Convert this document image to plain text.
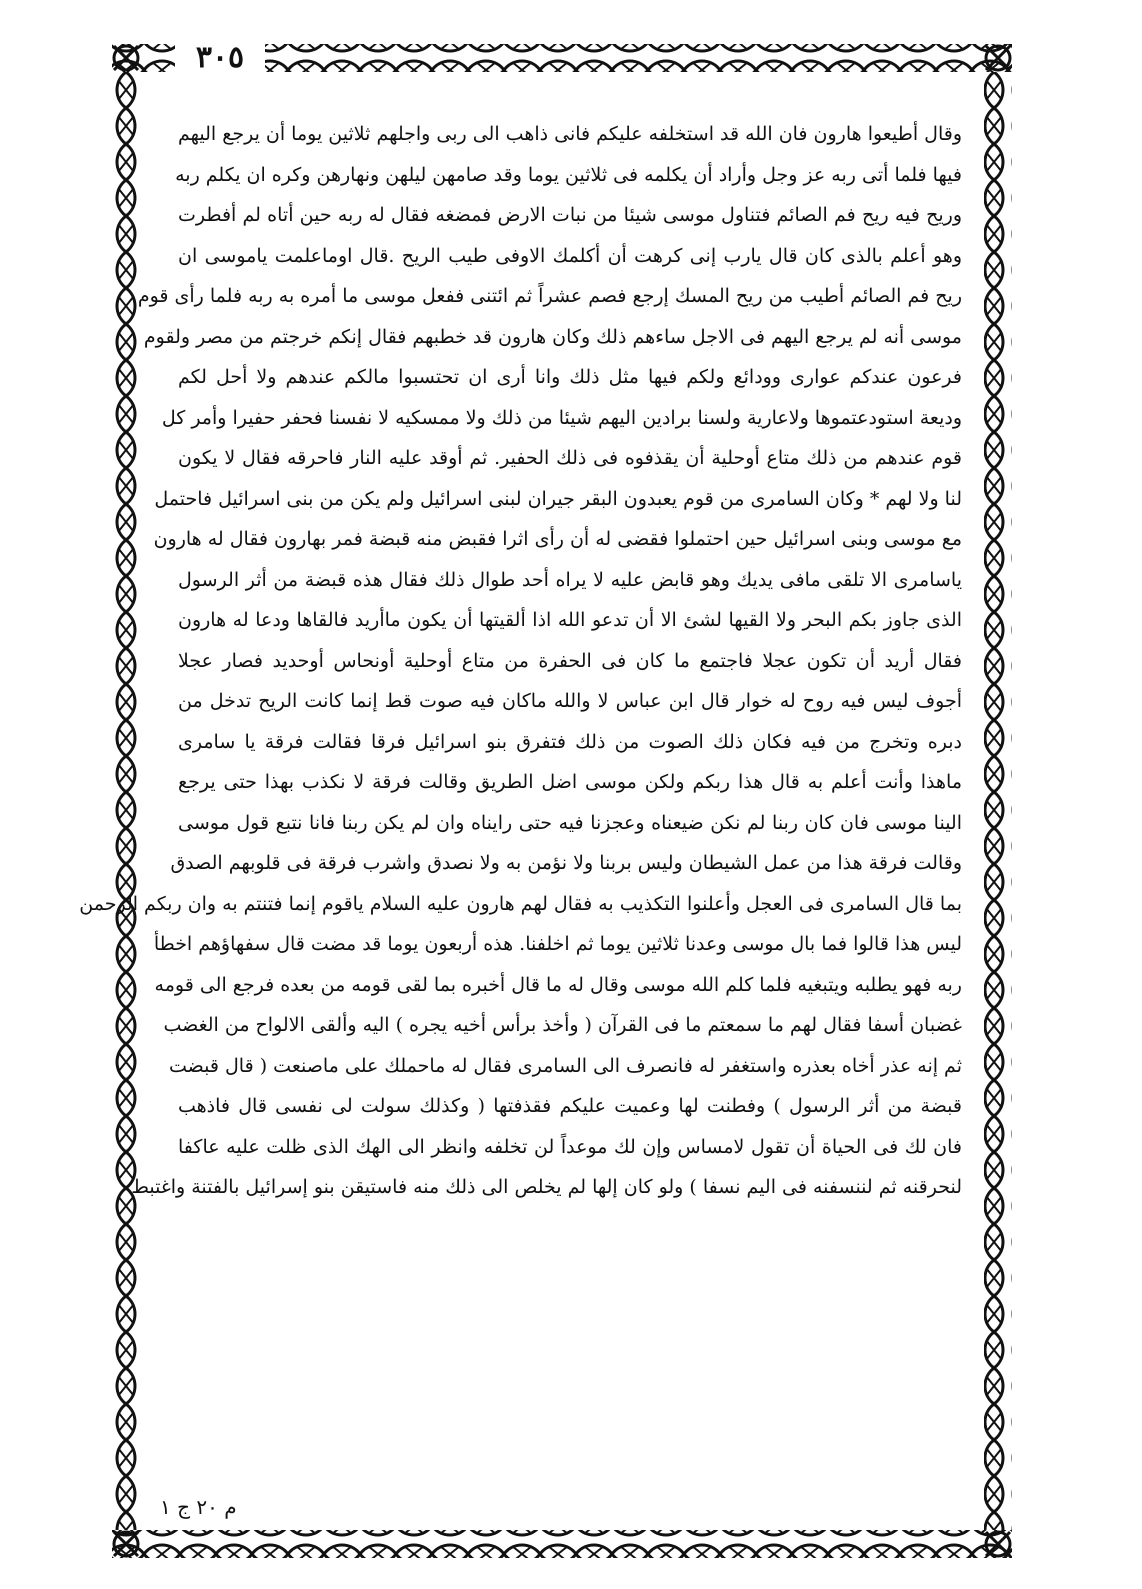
٣٠٥
وقال أطيعوا هارون فان الله قد استخلفه عليكم فانى ذاهب الى ربى واجلهم ثلاثين يوما أن يرجع اليهم
فيها فلما أتى ربه عز وجل وأراد أن يكلمه فى ثلاثين يوما وقد صامهن ليلهن ونهارهن وكره ان يكلم ربه
وريح فيه ريح فم الصائم فتناول موسى شيئا من نبات الارض فمضغه فقال له ربه حين أتاه لم أفطرت
وهو أعلم بالذى كان قال يارب إنى كرهت أن أكلمك الاوفى طيب الريح .قال اوماعلمت ياموسى ان
ريح فم الصائم أطيب من ريح المسك إرجع فصم عشراً ثم ائتنى ففعل موسى ما أمره به ربه فلما رأى قوم
موسى أنه لم يرجع اليهم فى الاجل ساءهم ذلك وكان هارون قد خطبهم فقال إنكم خرجتم من مصر ولقوم
فرعون عندكم عوارى وودائع ولكم فيها مثل ذلك وانا أرى ان تحتسبوا مالكم عندهم ولا أحل لكم
وديعة استودعتموها ولاعارية ولسنا برادين اليهم شيئا من ذلك ولا ممسكيه لا نفسنا فحفر حفيرا وأمر كل
قوم عندهم من ذلك متاع أوحلية أن يقذفوه فى ذلك الحفير. ثم أوقد عليه النار فاحرقه فقال لا يكون
لنا ولا لهم * وكان السامرى من قوم يعبدون البقر جيران لبنى اسرائيل ولم يكن من بنى اسرائيل فاحتمل
مع موسى وبنى اسرائيل حين احتملوا فقضى له أن رأى اثرا فقبض منه قبضة فمر بهارون فقال له هارون
ياسامرى الا تلقى مافى يديك وهو قابض عليه لا يراه أحد طوال ذلك فقال هذه قبضة من أثر الرسول
الذى جاوز بكم البحر ولا القيها لشئ الا أن تدعو الله اذا ألقيتها أن يكون ماأريد فالقاها ودعا له هارون
فقال أريد أن تكون عجلا فاجتمع ما كان فى الحفرة من متاع أوحلية أونحاس أوحديد فصار عجلا
أجوف ليس فيه روح له خوار قال ابن عباس لا والله ماكان فيه صوت قط إنما كانت الريح تدخل من
دبره وتخرج من فيه فكان ذلك الصوت من ذلك فتفرق بنو اسرائيل فرقا فقالت فرقة يا سامرى
ماهذا وأنت أعلم به قال هذا ربكم ولكن موسى اضل الطريق وقالت فرقة لا نكذب بهذا حتى يرجع
الينا موسى فان كان ربنا لم نكن ضيعناه وعجزنا فيه حتى رايناه وان لم يكن ربنا فانا نتبع قول موسى
وقالت فرقة هذا من عمل الشيطان وليس بربنا ولا نؤمن به ولا نصدق واشرب فرقة فى قلوبهم الصدق
بما قال السامرى فى العجل وأعلنوا التكذيب به فقال لهم هارون عليه السلام ياقوم إنما فتنتم به وان ربكم الرحمن
ليس هذا قالوا فما بال موسى وعدنا ثلاثين يوما ثم اخلفنا. هذه أربعون يوما قد مضت قال سفهاؤهم اخطأ
ربه فهو يطلبه ويتبغيه فلما كلم الله موسى وقال له ما قال أخبره بما لقى قومه من بعده فرجع الى قومه
غضبان أسفا فقال لهم ما سمعتم ما فى القرآن ( وأخذ برأس أخيه يجره ) اليه وألقى الالواح من الغضب
ثم إنه عذر أخاه بعذره واستغفر له فانصرف الى السامرى فقال له ماحملك على ماصنعت ( قال قبضت
قبضة من أثر الرسول ) وفطنت لها وعميت عليكم فقذفتها ( وكذلك سولت لى نفسى قال فاذهب
فان لك فى الحياة أن تقول لامساس وإن لك موعداً لن تخلفه وانظر الى الهك الذى ظلت عليه عاكفا
لنحرقنه ثم لننسفنه فى اليم نسفا ) ولو كان إلها لم يخلص الى ذلك منه فاستيقن بنو إسرائيل بالفتنة واغتبط
م ٢٠ ج ١
